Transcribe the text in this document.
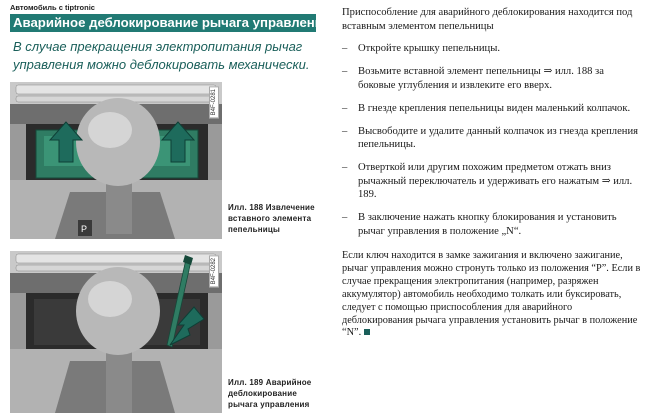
Автомобиль с tiptronic
Аварийное деблокирование рычага управления
В случае прекращения электропитания рычаг управления можно деблокировать механически.
P
B4F-0281
Илл. 188 Извлечение вставного элемента пепельницы
B4F-0282
Илл. 189 Аварийное деблокирование рычага управления

Приспособление для аварийного деблокирования находится под вставным элементом пепельницы

– Откройте крышку пепельницы.
– Возьмите вставной элемент пепельницы ⇒ илл. 188 за боковые углубления и извлеките его вверх.
– В гнезде крепления пепельницы виден маленький колпачок.
– Высвободите и удалите данный колпачок из гнезда крепления пепельницы.
– Отверткой или другим похожим предметом отжать вниз рычажный переключатель и удерживать его нажатым ⇒ илл. 189.
– В заключение нажать кнопку блокирования и установить рычаг управления в положение „N“.

Если ключ находится в замке зажигания и включено зажигание, рычаг управления можно стронуть только из положения “P”. Если в случае прекращения электропитания (например, разряжен аккумулятор) автомобиль необходимо толкать или буксировать, следует с помощью приспособления для аварийного деблокирования рычага управления установить рычаг в положение “N”.
